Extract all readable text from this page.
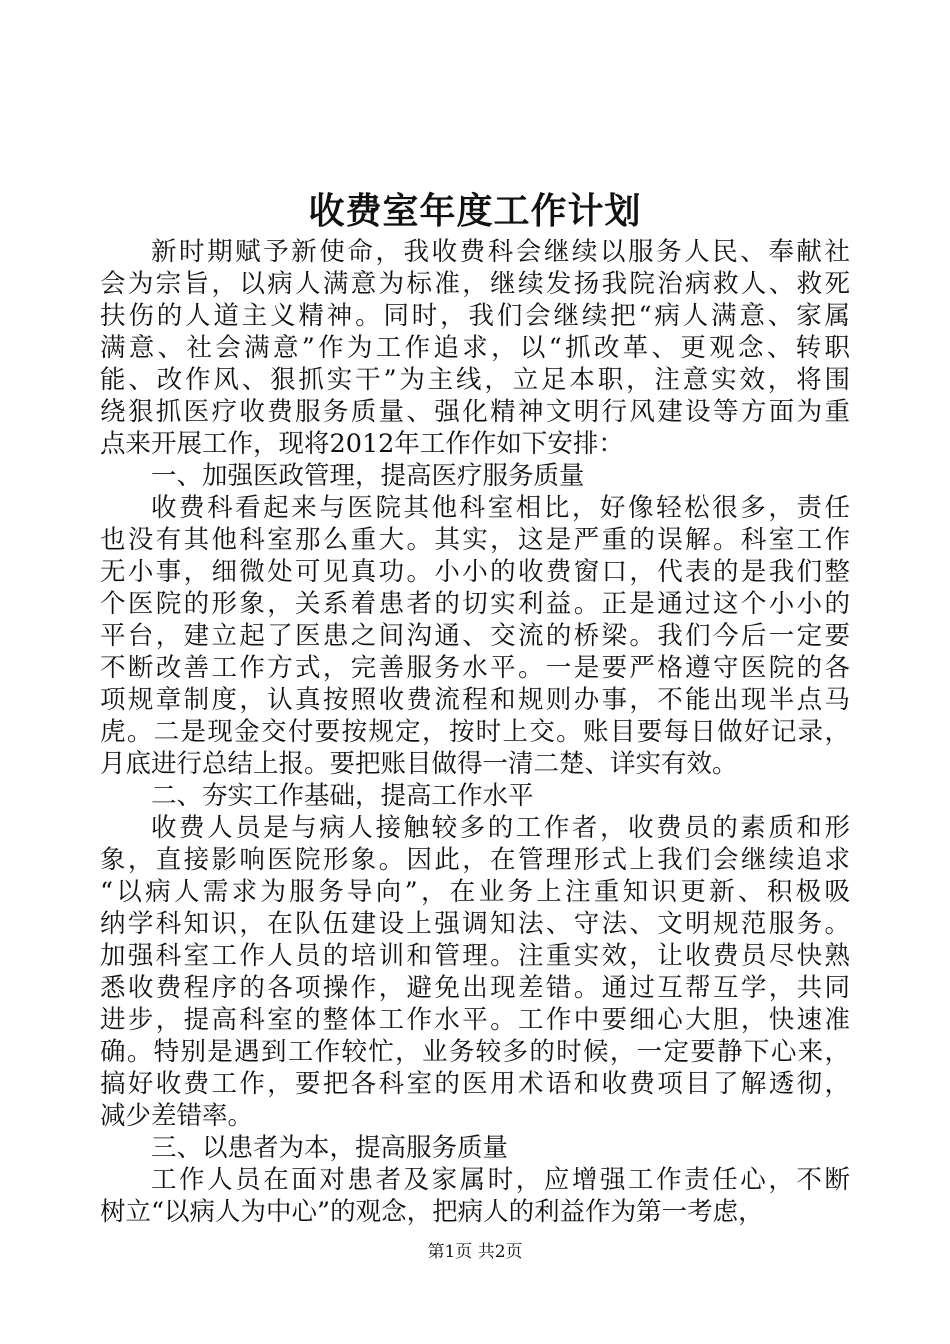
收费室年度工作计划
新时期赋予新使命，我收费科会继续以服务人民、奉献社
会为宗旨，以病人满意为标准，继续发扬我院治病救人、救死
扶伤的人道主义精神。同时，我们会继续把“病人满意、家属
满意、社会满意”作为工作追求，以“抓改革、更观念、转职
能、改作风、狠抓实干”为主线，立足本职，注意实效，将围
绕狠抓医疗收费服务质量、强化精神文明行风建设等方面为重
点来开展工作，现将2012年工作作如下安排：
一、加强医政管理，提高医疗服务质量
收费科看起来与医院其他科室相比，好像轻松很多，责任
也没有其他科室那么重大。其实，这是严重的误解。科室工作
无小事，细微处可见真功。小小的收费窗口，代表的是我们整
个医院的形象，关系着患者的切实利益。正是通过这个小小的
平台，建立起了医患之间沟通、交流的桥梁。我们今后一定要
不断改善工作方式，完善服务水平。一是要严格遵守医院的各
项规章制度，认真按照收费流程和规则办事，不能出现半点马
虎。二是现金交付要按规定，按时上交。账目要每日做好记录，
月底进行总结上报。要把账目做得一清二楚、详实有效。
二、夯实工作基础，提高工作水平
收费人员是与病人接触较多的工作者，收费员的素质和形
象，直接影响医院形象。因此，在管理形式上我们会继续追求
“以病人需求为服务导向”，在业务上注重知识更新、积极吸
纳学科知识，在队伍建设上强调知法、守法、文明规范服务。
加强科室工作人员的培训和管理。注重实效，让收费员尽快熟
悉收费程序的各项操作，避免出现差错。通过互帮互学，共同
进步，提高科室的整体工作水平。工作中要细心大胆，快速准
确。特别是遇到工作较忙，业务较多的时候，一定要静下心来，
搞好收费工作，要把各科室的医用术语和收费项目了解透彻，
减少差错率。
三、以患者为本，提高服务质量
工作人员在面对患者及家属时，应增强工作责任心，不断
树立“以病人为中心”的观念，把病人的利益作为第一考虑，
第1页 共2页
